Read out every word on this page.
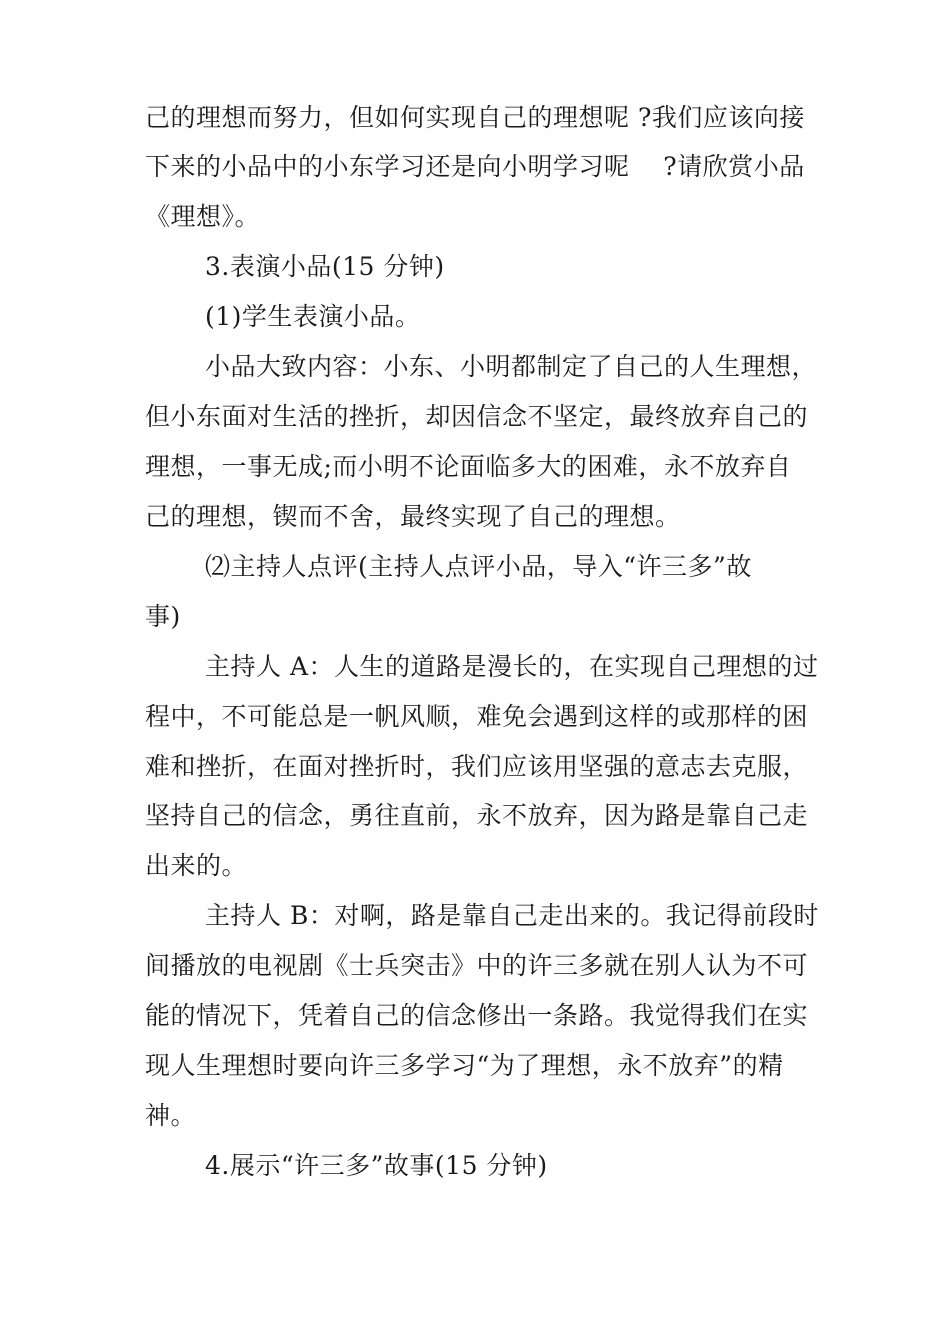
己的理想而努力，但如何实现自己的理想呢 ?我们应该向接
下来的小品中的小东学习还是向小明学习呢    ?请欣赏小品
《理想》。
3.表演小品(15 分钟)
(1)学生表演小品。
小品大致内容：小东、小明都制定了自己的人生理想，
但小东面对生活的挫折，却因信念不坚定，最终放弃自己的
理想，一事无成;而小明不论面临多大的困难，永不放弃自
己的理想，锲而不舍，最终实现了自己的理想。
⑵主持人点评(主持人点评小品，导入“许三多”故
事)
主持人 A：人生的道路是漫长的，在实现自己理想的过
程中，不可能总是一帆风顺，难免会遇到这样的或那样的困
难和挫折，在面对挫折时，我们应该用坚强的意志去克服，
坚持自己的信念，勇往直前，永不放弃，因为路是靠自己走
出来的。
主持人 B：对啊，路是靠自己走出来的。我记得前段时
间播放的电视剧《士兵突击》中的许三多就在别人认为不可
能的情况下，凭着自己的信念修出一条路。我觉得我们在实
现人生理想时要向许三多学习“为了理想，永不放弃”的精
神。
4.展示“许三多”故事(15 分钟)
